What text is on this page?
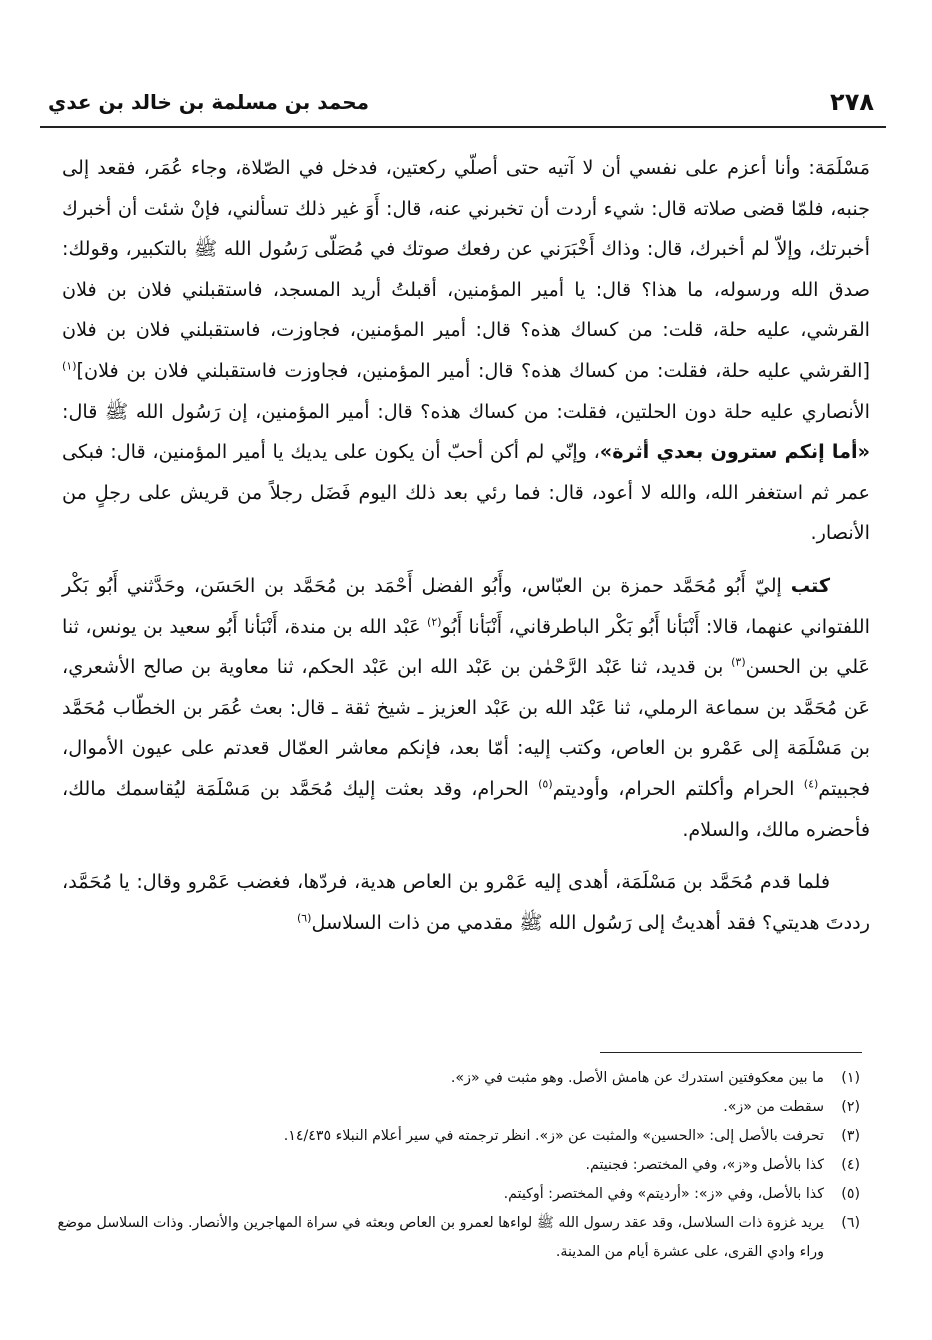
٢٧٨
محمد بن مسلمة بن خالد بن عدي

مَسْلَمَة: وأنا أعزم على نفسي أن لا آتيه حتى أصلّي ركعتين، فدخل في الصّلاة، وجاء عُمَر، فقعد إلى جنبه، فلمّا قضى صلاته قال: شيء أردت أن تخبرني عنه، قال: أَوَ غير ذلك تسألني، فإنْ شئت أن أخبرك أخبرتك، وإلاّ لم أخبرك، قال: وذاك أَخْبَرَني عن رفعك صوتك في مُصَلّى رَسُول الله ﷺ بالتكبير، وقولك: صدق الله ورسوله، ما هذا؟ قال: يا أمير المؤمنين، أقبلتُ أريد المسجد، فاستقبلني فلان بن فلان القرشي، عليه حلة، قلت: من كساك هذه؟ قال: أمير المؤمنين، فجاوزت، فاستقبلني فلان بن فلان [القرشي عليه حلة، فقلت: من كساك هذه؟ قال: أمير المؤمنين، فجاوزت فاستقبلني فلان بن فلان]$^{(١)}$ الأنصاري عليه حلة دون الحلتين، فقلت: من كساك هذه؟ قال: أمير المؤمنين، إن رَسُول الله ﷺ قال: «أما إنكم سترون بعدي أثرة»، وإنّي لم أكن أحبّ أن يكون على يديك يا أمير المؤمنين، قال: فبكى عمر ثم استغفر الله، والله لا أعود، قال: فما رئي بعد ذلك اليوم فَضَل رجلاً من قريش على رجلٍ من الأنصار.

كتب إليّ أَبُو مُحَمَّد حمزة بن العبّاس، وأَبُو الفضل أَحْمَد بن مُحَمَّد بن الحَسَن، وحَدَّثني أَبُو بَكْر اللفتواني عنهما، قالا: أَنْبَأنا أَبُو بَكْر الباطرقاني، أَنْبَأنا أَبُو$^{(٢)}$ عَبْد الله بن مندة، أَنْبَأنا أَبُو سعيد بن يونس، ثنا عَلي بن الحسن$^{(٣)}$ بن قديد، ثنا عَبْد الرَّحْمٰن بن عَبْد الله ابن عَبْد الحكم، ثنا معاوية بن صالح الأشعري، عَن مُحَمَّد بن سماعة الرملي، ثنا عَبْد الله بن عَبْد العزيز ـ شيخ ثقة ـ قال: بعث عُمَر بن الخطّاب مُحَمَّد بن مَسْلَمَة إلى عَمْرو بن العاص، وكتب إليه: أمّا بعد، فإنكم معاشر العمّال قعدتم على عيون الأموال، فجبيتم$^{(٤)}$ الحرام وأكلتم الحرام، وأوديتم$^{(٥)}$ الحرام، وقد بعثت إليك مُحَمَّد بن مَسْلَمَة ليُقاسمك مالك، فأحضره مالك، والسلام.

فلما قدم مُحَمَّد بن مَسْلَمَة، أهدى إليه عَمْرو بن العاص هدية، فردّها، فغضب عَمْرو وقال: يا مُحَمَّد، رددتَ هديتي؟ فقد أهديتُ إلى رَسُول الله ﷺ مقدمي من ذات السلاسل$^{(٦)}$

(١)
ما بين معكوفتين استدرك عن هامش الأصل. وهو مثبت في «ز».
(٢)
سقطت من «ز».
(٣)
تحرفت بالأصل إلى: «الحسين» والمثبت عن «ز». انظر ترجمته في سير أعلام النبلاء ١٤/٤٣٥.
(٤)
كذا بالأصل و«ز»، وفي المختصر: فجنيتم.
(٥)
كذا بالأصل، وفي «ز»: «أرديتم» وفي المختصر: أوكيتم.
(٦)
يريد غزوة ذات السلاسل، وقد عقد رسول الله ﷺ لواءها لعمرو بن العاص وبعثه في سراة المهاجرين والأنصار. وذات السلاسل موضع وراء وادي القرى، على عشرة أيام من المدينة.
